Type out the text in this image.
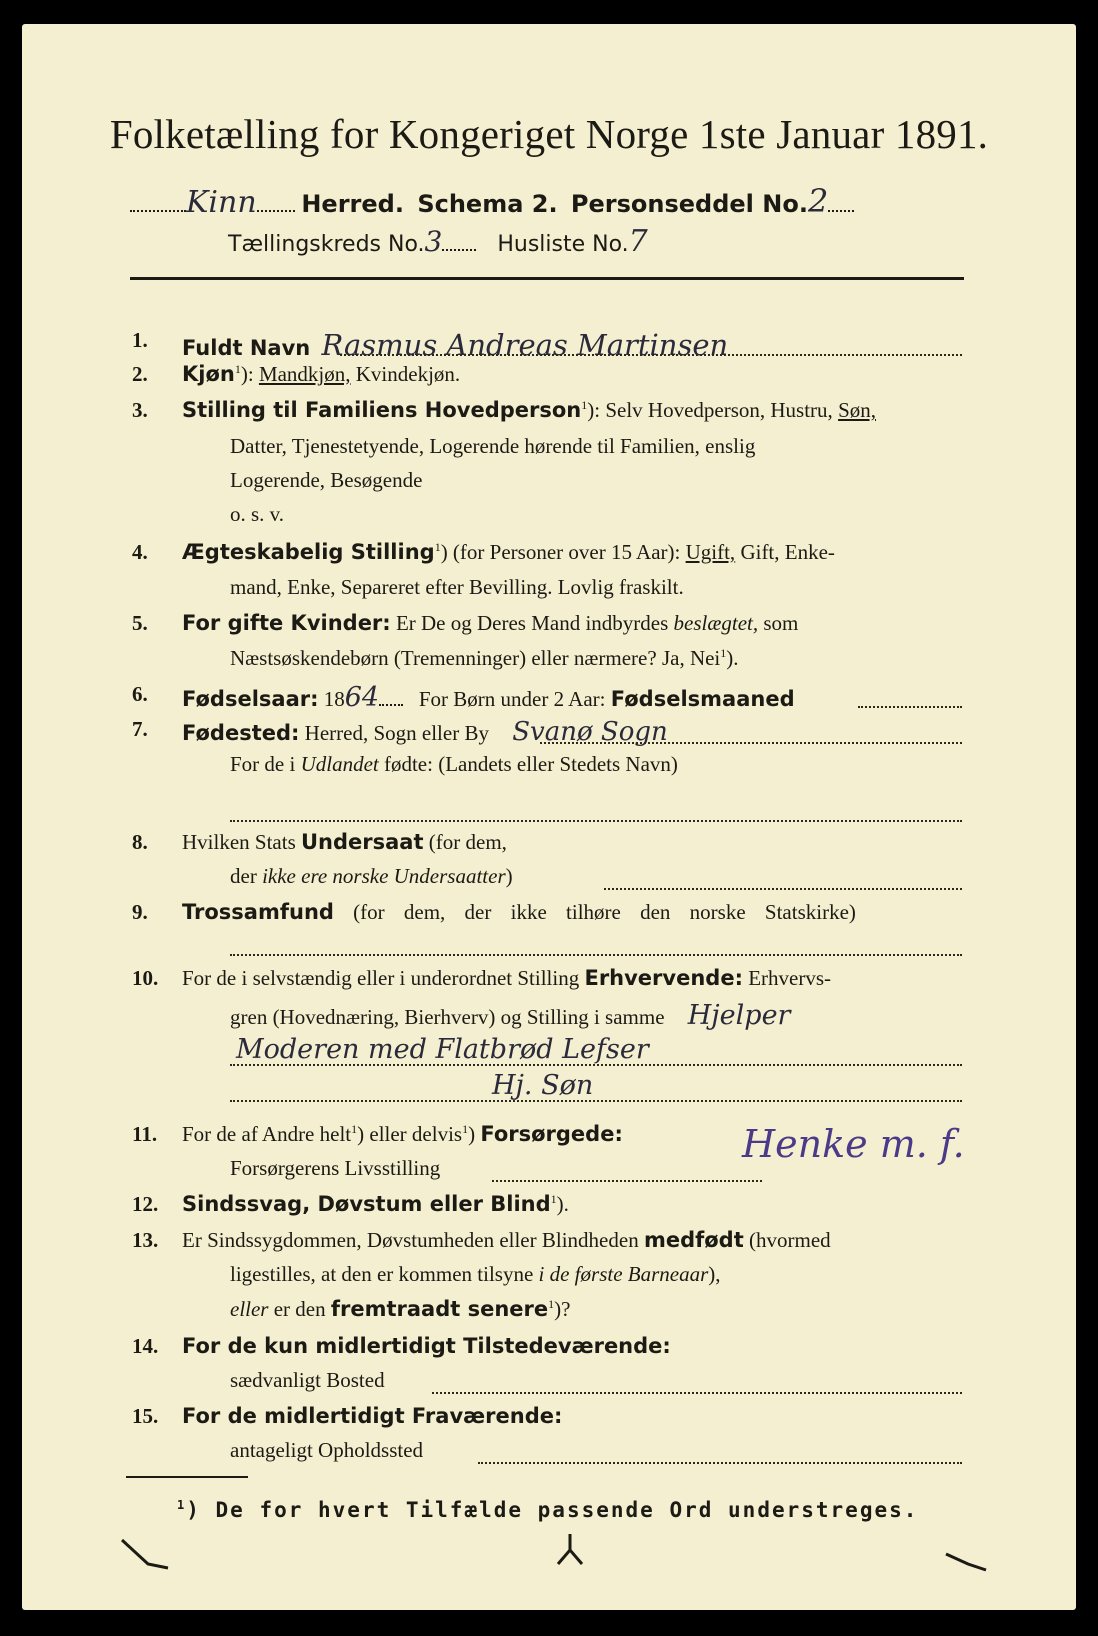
Folketælling for Kongeriget Norge 1ste Januar 1891.
Kinn Herred. Schema 2. Personseddel No.2
Tællingskreds No.3 Husliste No.7
1.	Fuldt Navn Rasmus Andreas Martinsen
2.	Kjøn$^1$): Mandkjøn, Kvindekjøn.
3.	Stilling til Familiens Hovedperson$^1$): Selv Hovedperson, Hustru, Søn,
Datter, Tjenestetyende, Logerende hørende til Familien, enslig
Logerende, Besøgende
o. s. v.
4.	Ægteskabelig Stilling$^1$) (for Personer over 15 Aar): Ugift, Gift, Enke-
mand, Enke, Separeret efter Bevilling. Lovlig fraskilt.
5.	For gifte Kvinder: Er De og Deres Mand indbyrdes beslægtet, som
Næstsøskendebørn (Tremenninger) eller nærmere? Ja, Nei$^1$).
6.	Fødselsaar: 1864 For Børn under 2 Aar: Fødselsmaaned
7.	Fødested: Herred, Sogn eller By Svanø Sogn
For de i Udlandet fødte: (Landets eller Stedets Navn)
8.	Hvilken Stats Undersaat (for dem,
der ikke ere norske Undersaatter)
9.	Trossamfund (for dem, der ikke tilhøre den norske Statskirke)
10.	For de i selvstændig eller i underordnet Stilling Erhvervende: Erhvervs-
gren (Hovednæring, Bierhverv) og Stilling i samme Hjelper
Moderen med Flatbrød Lefser
Hj. Søn
11.	For de af Andre helt$^1$) eller delvis$^1$) Forsørgede:
Forsørgerens Livsstilling
Henke m. f.
12.	Sindssvag, Døvstum eller Blind$^1$).
13.	Er Sindssygdommen, Døvstumheden eller Blindheden medfødt (hvormed
ligestilles, at den er kommen tilsyne i de første Barneaar),
eller er den fremtraadt senere$^1$)?
14.	For de kun midlertidigt Tilstedeværende:
sædvanligt Bosted
15.	For de midlertidigt Fraværende:
antageligt Opholdssted
$^1$) De for hvert Tilfælde passende Ord understreges.
